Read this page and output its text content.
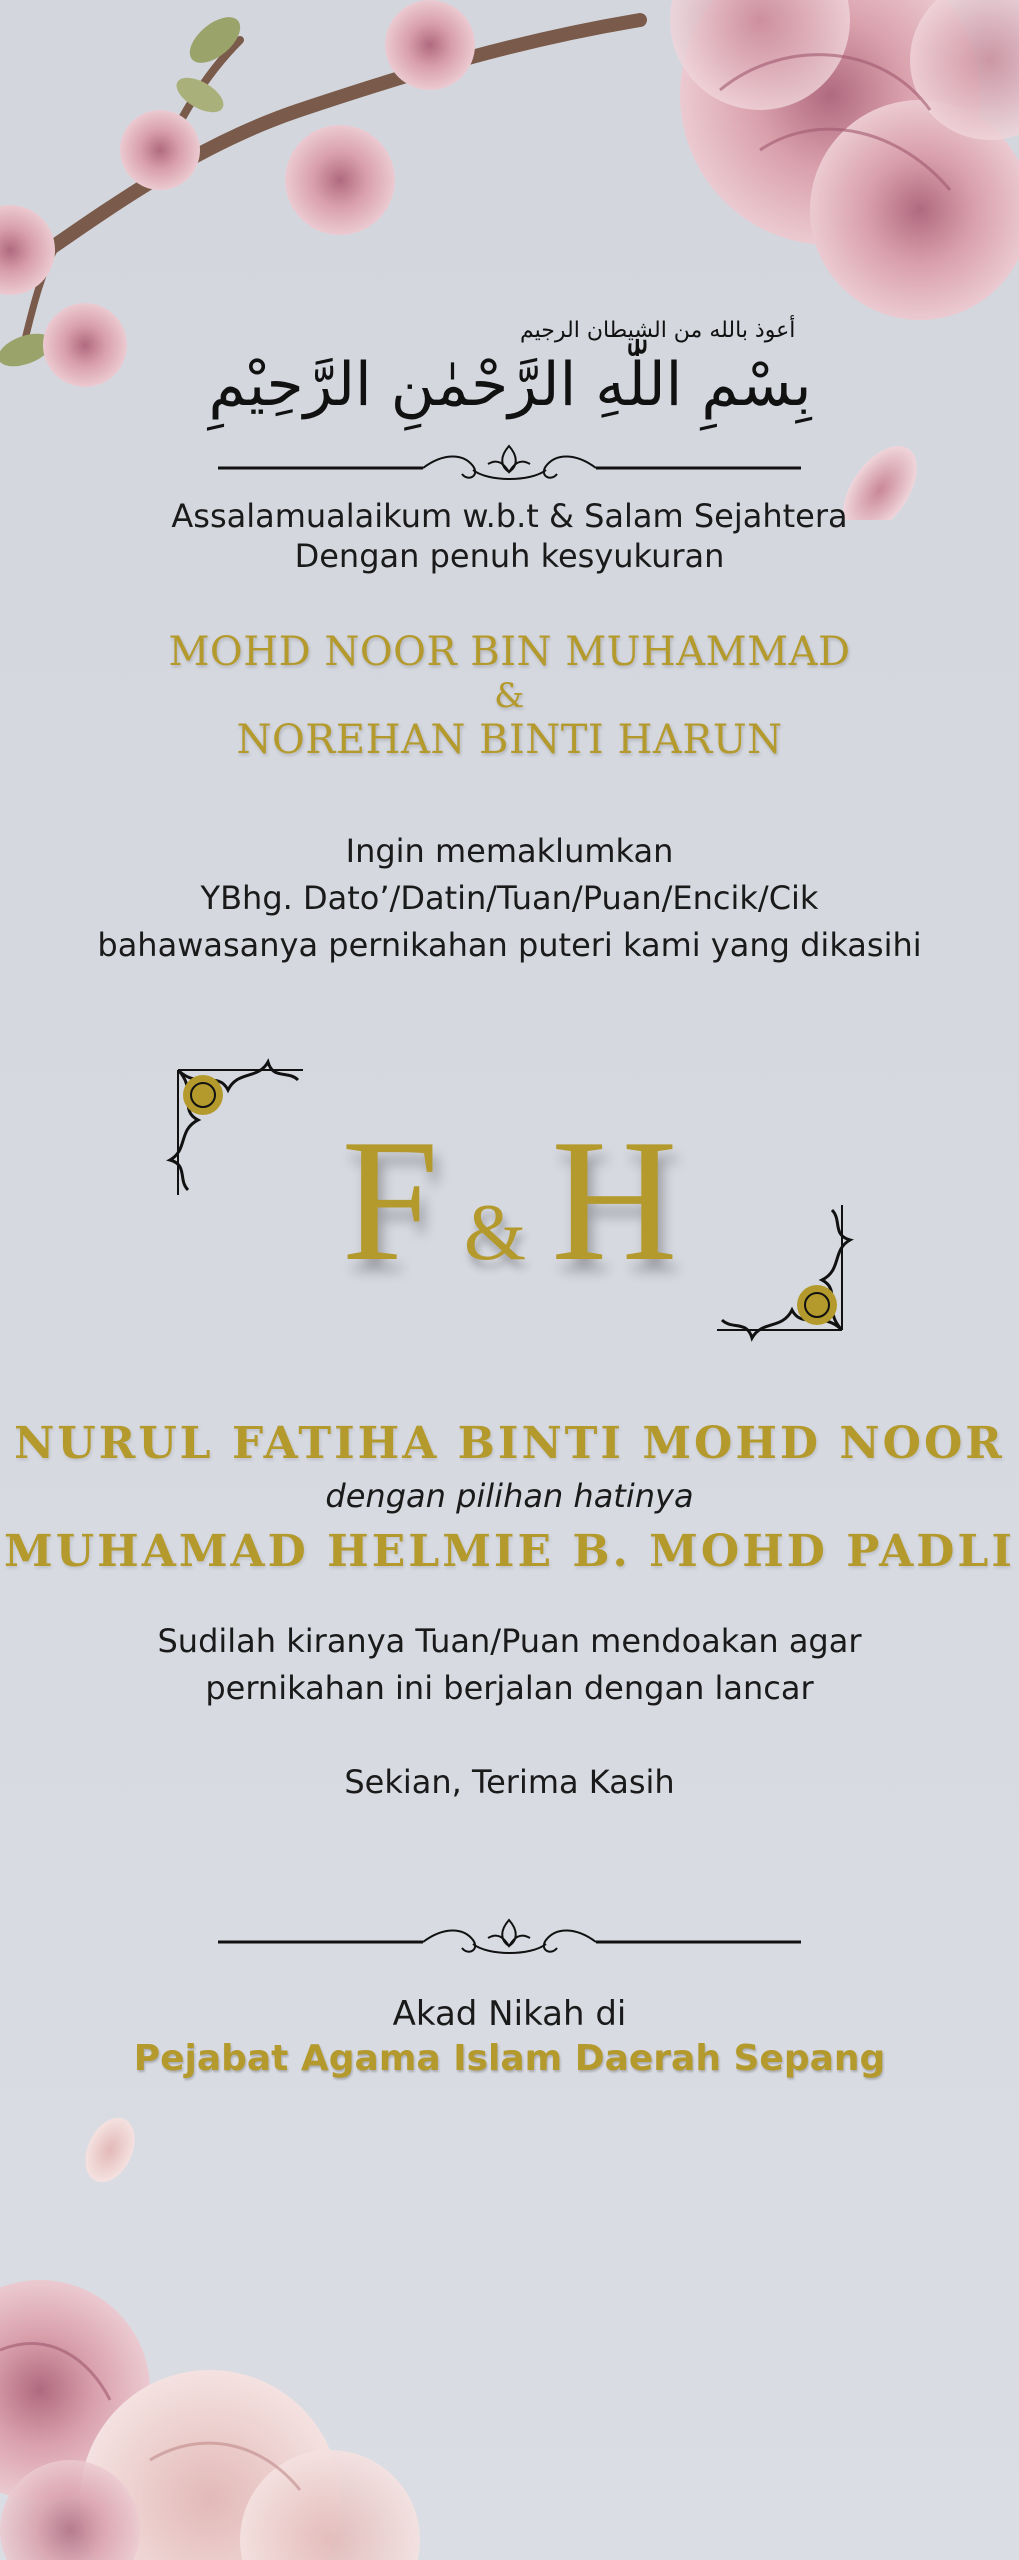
أعوذ بالله من الشيطان الرجيم
بِسْمِ اللّٰهِ الرَّحْمٰنِ الرَّحِيْمِ
Assalamualaikum w.b.t & Salam Sejahtera
Dengan penuh kesyukuran
MOHD NOOR BIN MUHAMMAD
&
NOREHAN BINTI HARUN
Ingin memaklumkan
YBhg. Dato’/Datin/Tuan/Puan/Encik/Cik
bahawasanya pernikahan puteri kami yang dikasihi
F & H
NURUL FATIHA BINTI MOHD NOOR
dengan pilihan hatinya
MUHAMAD HELMIE B. MOHD PADLI
Sudilah kiranya Tuan/Puan mendoakan agar
pernikahan ini berjalan dengan lancar
Sekian, Terima Kasih
Akad Nikah di
Pejabat Agama Islam Daerah Sepang
